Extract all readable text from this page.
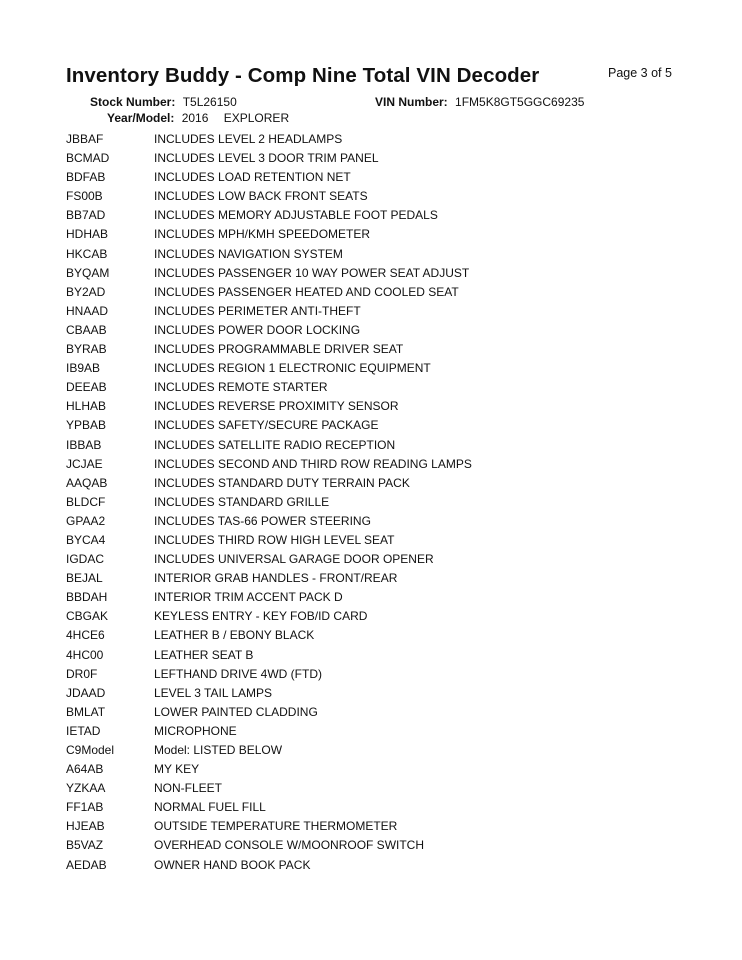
Inventory Buddy - Comp Nine Total VIN Decoder	Page 3 of 5
Stock Number: T5L26150	VIN Number: 1FM5K8GT5GGC69235
Year/Model: 2016 EXPLORER
JBBAF	INCLUDES LEVEL 2 HEADLAMPS
BCMAD	INCLUDES LEVEL 3 DOOR TRIM PANEL
BDFAB	INCLUDES LOAD RETENTION NET
FS00B	INCLUDES LOW BACK FRONT SEATS
BB7AD	INCLUDES MEMORY ADJUSTABLE FOOT PEDALS
HDHAB	INCLUDES MPH/KMH SPEEDOMETER
HKCAB	INCLUDES NAVIGATION SYSTEM
BYQAM	INCLUDES PASSENGER 10 WAY POWER SEAT ADJUST
BY2AD	INCLUDES PASSENGER HEATED AND COOLED SEAT
HNAAD	INCLUDES PERIMETER ANTI-THEFT
CBAAB	INCLUDES POWER DOOR LOCKING
BYRAB	INCLUDES PROGRAMMABLE DRIVER SEAT
IB9AB	INCLUDES REGION 1 ELECTRONIC EQUIPMENT
DEEAB	INCLUDES REMOTE STARTER
HLHAB	INCLUDES REVERSE PROXIMITY SENSOR
YPBAB	INCLUDES SAFETY/SECURE PACKAGE
IBBAB	INCLUDES SATELLITE RADIO RECEPTION
JCJAE	INCLUDES SECOND AND THIRD ROW READING LAMPS
AAQAB	INCLUDES STANDARD DUTY TERRAIN PACK
BLDCF	INCLUDES STANDARD GRILLE
GPAA2	INCLUDES TAS-66 POWER STEERING
BYCA4	INCLUDES THIRD ROW HIGH LEVEL SEAT
IGDAC	INCLUDES UNIVERSAL GARAGE DOOR OPENER
BEJAL	INTERIOR GRAB HANDLES - FRONT/REAR
BBDAH	INTERIOR TRIM ACCENT PACK D
CBGAK	KEYLESS ENTRY - KEY FOB/ID CARD
4HCE6	LEATHER B / EBONY BLACK
4HC00	LEATHER SEAT B
DR0F	LEFTHAND DRIVE 4WD (FTD)
JDAAD	LEVEL 3 TAIL LAMPS
BMLAT	LOWER PAINTED CLADDING
IETAD	MICROPHONE
C9Model	Model: LISTED BELOW
A64AB	MY KEY
YZKAA	NON-FLEET
FF1AB	NORMAL FUEL FILL
HJEAB	OUTSIDE TEMPERATURE THERMOMETER
B5VAZ	OVERHEAD CONSOLE W/MOONROOF SWITCH
AEDAB	OWNER HAND BOOK PACK
